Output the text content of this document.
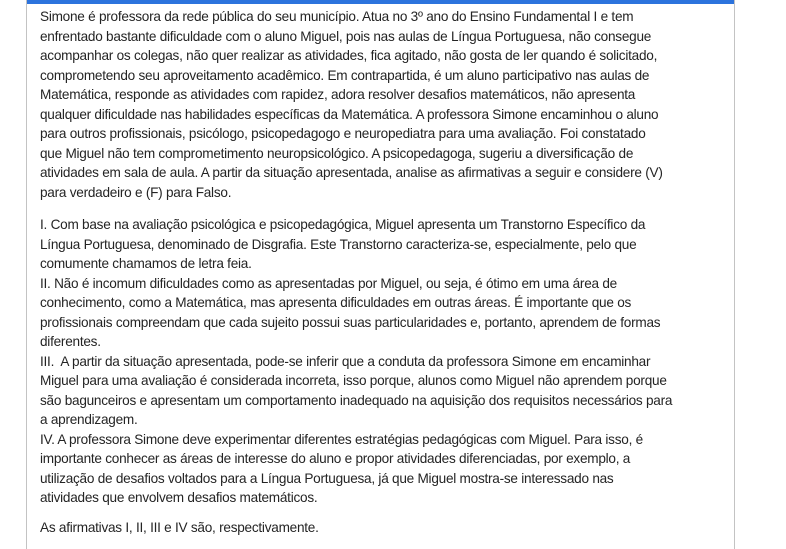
Simone é professora da rede pública do seu município. Atua no 3º ano do Ensino Fundamental I e tem
enfrentado bastante dificuldade com o aluno Miguel, pois nas aulas de Língua Portuguesa, não consegue
acompanhar os colegas, não quer realizar as atividades, fica agitado, não gosta de ler quando é solicitado,
comprometendo seu aproveitamento acadêmico. Em contrapartida, é um aluno participativo nas aulas de
Matemática, responde as atividades com rapidez, adora resolver desafios matemáticos, não apresenta
qualquer dificuldade nas habilidades específicas da Matemática. A professora Simone encaminhou o aluno
para outros profissionais, psicólogo, psicopedagogo e neuropediatra para uma avaliação. Foi constatado
que Miguel não tem comprometimento neuropsicológico. A psicopedagoga, sugeriu a diversificação de
atividades em sala de aula. A partir da situação apresentada, analise as afirmativas a seguir e considere (V)
para verdadeiro e (F) para Falso.
I. Com base na avaliação psicológica e psicopedagógica, Miguel apresenta um Transtorno Específico da
Língua Portuguesa, denominado de Disgrafia. Este Transtorno caracteriza-se, especialmente, pelo que
comumente chamamos de letra feia.
II. Não é incomum dificuldades como as apresentadas por Miguel, ou seja, é ótimo em uma área de
conhecimento, como a Matemática, mas apresenta dificuldades em outras áreas. É importante que os
profissionais compreendam que cada sujeito possui suas particularidades e, portanto, aprendem de formas
diferentes.
III.  A partir da situação apresentada, pode-se inferir que a conduta da professora Simone em encaminhar
Miguel para uma avaliação é considerada incorreta, isso porque, alunos como Miguel não aprendem porque
são bagunceiros e apresentam um comportamento inadequado na aquisição dos requisitos necessários para
a aprendizagem.
IV. A professora Simone deve experimentar diferentes estratégias pedagógicas com Miguel. Para isso, é
importante conhecer as áreas de interesse do aluno e propor atividades diferenciadas, por exemplo, a
utilização de desafios voltados para a Língua Portuguesa, já que Miguel mostra-se interessado nas
atividades que envolvem desafios matemáticos.
As afirmativas I, II, III e IV são, respectivamente.
